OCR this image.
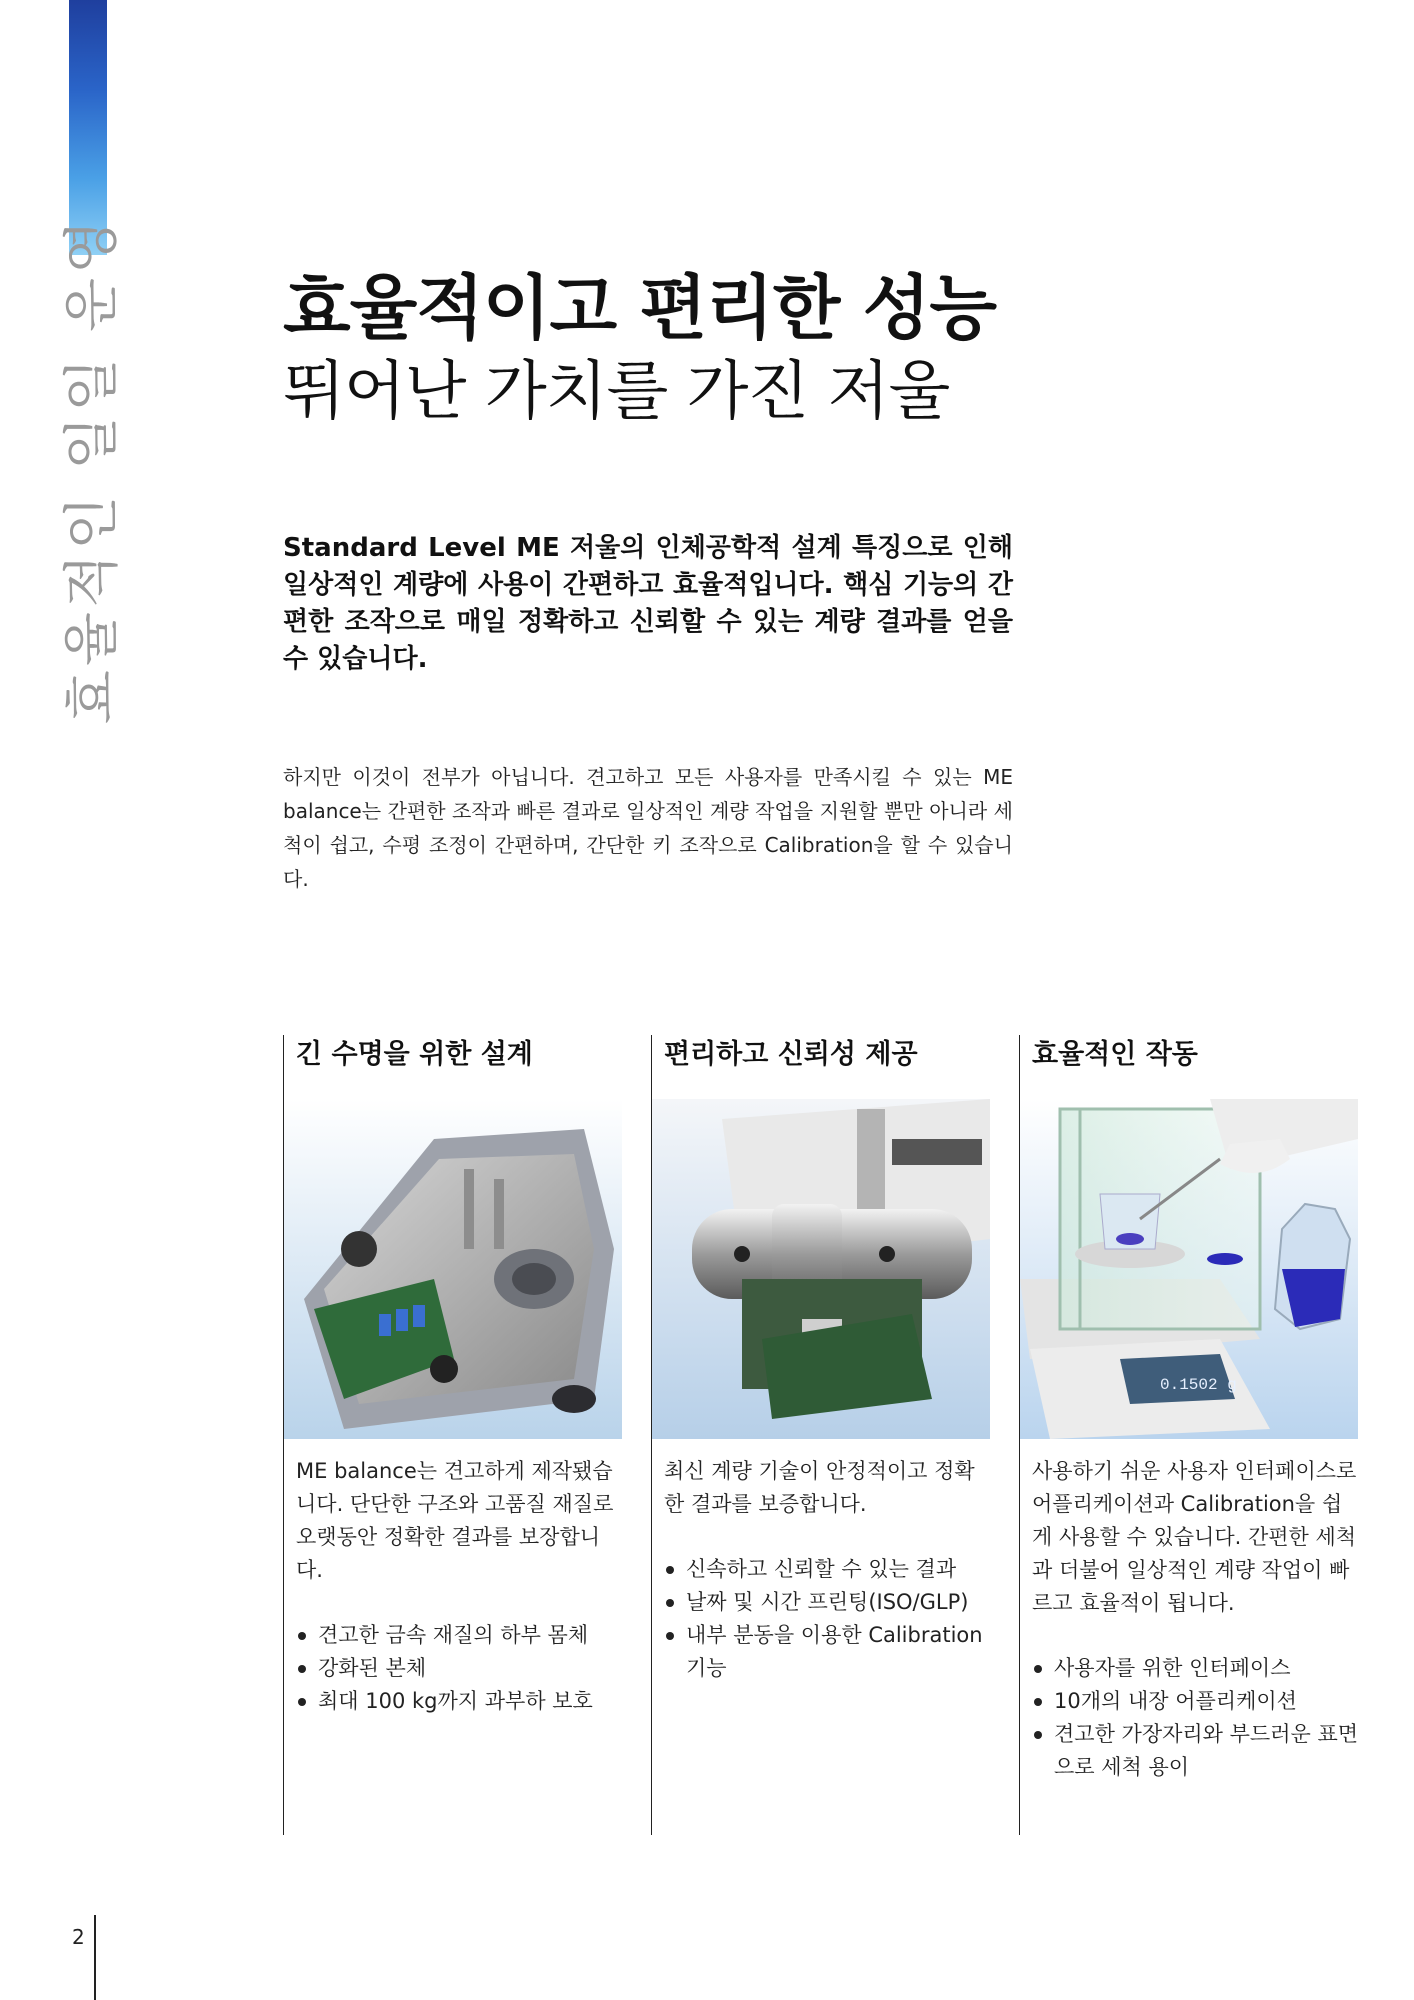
효율적인 일일 운영 효율적이고 편리한 성능
뛰어난 가치를 가진 저울
Standard Level ME 저울의 인체공학적 설계 특징으로 인해 일상적인 계량에 사용이 간편하고 효율적입니다. 핵심 기능의 간편한 조작으로 매일 정확하고 신뢰할 수 있는 계량 결과를 얻을 수 있습니다.
하지만 이것이 전부가 아닙니다. 견고하고 모든 사용자를 만족시킬 수 있는 ME balance는 간편한 조작과 빠른 결과로 일상적인 계량 작업을 지원할 뿐만 아니라 세척이 쉽고, 수평 조정이 간편하며, 간단한 키 조작으로 Calibration을 할 수 있습니다.
긴 수명을 위한 설계

ME balance는 견고하게 제작됐습니다. 단단한 구조와 고품질 재질로 오랫동안 정확한 결과를 보장합니다.

견고한 금속 재질의 하부 몸체
강화된 본체
최대 100 kg까지 과부하 보호
편리하고 신뢰성 제공

최신 계량 기술이 안정적이고 정확한 결과를 보증합니다.

신속하고 신뢰할 수 있는 결과
날짜 및 시간 프린팅(ISO/GLP)
내부 분동을 이용한 Calibration 기능
효율적인 작동
0.1502 g

사용하기 쉬운 사용자 인터페이스로 어플리케이션과 Calibration을 쉽게 사용할 수 있습니다. 간편한 세척과 더불어 일상적인 계량 작업이 빠르고 효율적이 됩니다.

사용자를 위한 인터페이스
10개의 내장 어플리케이션
견고한 가장자리와 부드러운 표면으로 세척 용이
2
